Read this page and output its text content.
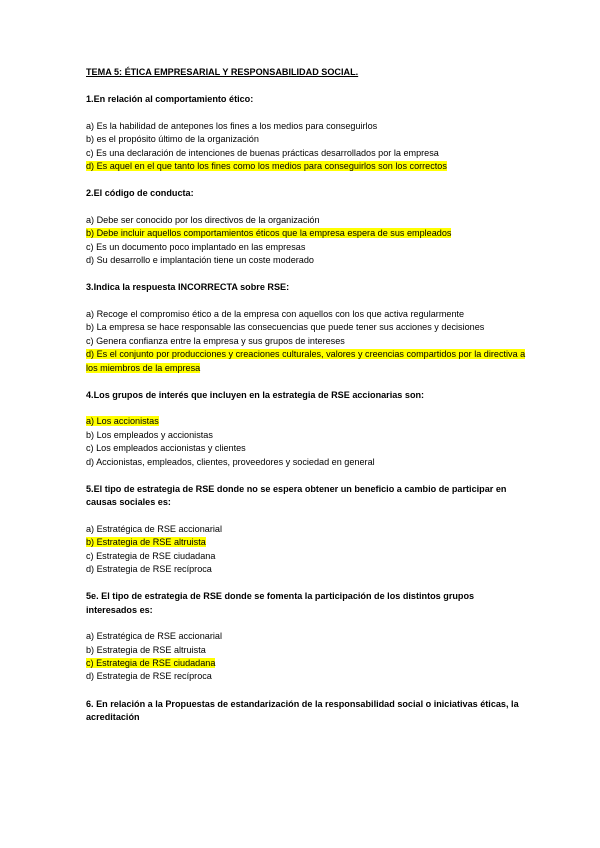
TEMA 5: ÉTICA EMPRESARIAL Y RESPONSABILIDAD SOCIAL.
1.En relación al comportamiento ético:
a) Es la habilidad de antepones los fines a los medios para conseguirlos
b) es el propósito último de la organización
c) Es una declaración de intenciones de buenas prácticas desarrollados por la empresa
d) Es aquel en el que tanto los fines como los medios para conseguirlos son los correctos
2.El código de conducta:
a) Debe ser conocido por los directivos de la organización
b) Debe incluir aquellos comportamientos éticos que la empresa espera de sus empleados
c) Es un documento poco implantado en las empresas
d) Su desarrollo e implantación tiene un coste moderado
3.Indica la respuesta INCORRECTA sobre RSE:
a) Recoge el compromiso ético a de la empresa con aquellos con los que activa regularmente
b) La empresa se hace responsable las consecuencias que puede tener sus acciones y decisiones
c) Genera confianza entre la empresa y sus grupos de intereses
d) Es el conjunto por producciones y creaciones culturales, valores y creencias compartidos por la directiva a los miembros de la empresa
4.Los grupos de interés que incluyen en la estrategia de RSE accionarias son:
a) Los accionistas
b) Los empleados y accionistas
c) Los empleados accionistas y clientes
d) Accionistas, empleados, clientes, proveedores y sociedad en general
5.El tipo de estrategia de RSE donde no se espera obtener un beneficio a cambio de participar en causas sociales es:
a) Estratégica de RSE accionarial
b) Estrategia de RSE altruista
c) Estrategia de RSE ciudadana
d) Estrategia de RSE recíproca
5e. El tipo de estrategia de RSE donde se fomenta la participación de los distintos grupos interesados es:
a) Estratégica de RSE accionarial
b) Estrategia de RSE altruista
c) Estrategia de RSE ciudadana
d) Estrategia de RSE recíproca
6. En relación a la Propuestas de estandarización de la responsabilidad social o iniciativas éticas, la acreditación
